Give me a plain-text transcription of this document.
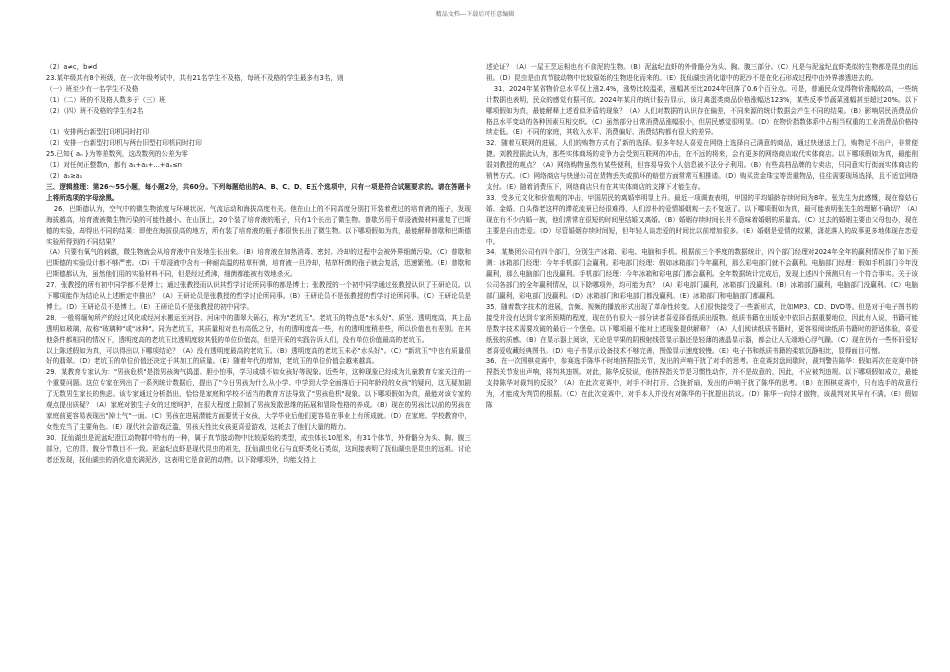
精品文档---下载后可任意编辑

（2）a≠c，b≠d

23.某年级共有8个班级，在一次年级考试中，共有21名学生不及格，每班不及格的学生最多有3名，则

（一）班至少有一名学生不及格

（1）（二）班的不及格人数多于（三）班

（2）（四）班不及格的学生有2名

（1）安排两台新型打印机同时打印

（2）安排一台新型打印机与两台旧型打印机同时打印

25.已知{ aₙ }为等差数列，这改数列的公差为零

（1）对任何正整数n，都有 a₁+a₂+…+aₙ≤n

（2）a₂≥a₁

三、逻辑推理：第26～55小题，每小题2分，共60分。下列每题给出的A、B、C、D、E五个选项中，只有一项是符合试题要求的。请在答题卡上将所选项的字母涂黑。

26．巴斯德认为，空气中的微生物浓度与环境状况、气流运动和海拔高度有关。他在山上的不同高度分别打开装着煮过的培育液的瓶子，发现海拔越高，培育液被微生物污染的可能性越小。在山顶上，20个装了培育液的瓶子，只有1个长出了微生物。普歇另用干草浸液做材料重复了巴斯德的实验，却得出不同的结果：即使在海拔很高的地方，所有装了培育液的瓶子都很快长出了微生物。以下哪项假如为真，最能解释普歇和巴斯德实验所得到的不同结果？

（A）只要有氧气的刺激，微生物就会从培育液中自发地生长出来。（B）培育液在加热消毒、密封、冷却的过程中会被外界细菌污染。（C）普歇和巴斯德的实验设计都不够严密。（D）干草浸液中含有一种耐高温的枯草杆菌，培育液一旦冷却，枯草杆菌的孢子就会复活，迅速繁殖。（E）普歇和巴斯德都认为，虽然他们用的实验材料不同，但是经过煮沸，细菌都能被有效地杀灭。

27．张教授的所有初中同学都不是博士；通过张教授而认识其哲学讨论所同事的都是博士；张教授的一个初中同学通过张教授认识了王研论员。以下哪项能作为结论从上述断定中推出？（A）王研论员是张教授的哲学讨论所同事。（B）王研论员不是张教授的哲学讨论所同事。（C）王研论员是博士。（D）王研论员不是博士。（E）王研论员不是张教授的初中同学。

28．一般将缅甸所产的经过风化或经河水搬运至河谷、河床中的翡翠大砾石，称为"老坑玉"。老坑玉的特点是"水头好"、质坚、透明度高，其上品透明如玻璃，故称"玻璃种"或"冰种"。同为老坑玉，其质量相对也有高低之分，有的透明度高一些，有的透明度稍差些，所以价值也有差别。在其他条件都相同的情况下，透明度高的老坑玉比透明度较其低的单位价值高，但是开采的实践告诉人们，没有单位价值最高的老坑玉。

以上陈述假如为真，可以得出以下哪项结论？（A）没有透明度最高的老坑玉。（B）透明度高的老坑玉未必"水头好"。（C）"新坑玉"中也有质量很好的翡翠。（D）老坑玉的单位价值还决定于其加工的质量。（E）随着年代的增加，老坑玉的单位价值会越来越高。

29．某教育专家认为："男孩危机"是指男孩淘气捣蛋、胆小怕事，学习成绩不如女孩好等现象。近些年，这种现象已经成为儿童教育专家关注的一个重要问题。这位专家在列出了一系列统计数据后，提出了"今日男孩为什么从小学、中学到大学全面落后于同年龄段的女孩"的疑问，这无疑加剧了无数男生家长的焦虑。该专家通过分析指出，恰恰是家庭和学校不适当的教育方法导致了"男孩危机"现象。以下哪项假如为真，最能对该专家的观点提出质疑？（A）家庭对独生子女的过度呵护，在很大程度上限制了男孩发散思维的拓展和冒险性格的养成。（B）现在的男孩比以前的男孩在家庭前更容易表现出"掉士气"一面。（C）男孩在进展潜能方面要优于女孩，大学毕业后他们更容易在事业上有所成就。（D）在家庭、学校教育中，女性充当了主要角色。（E）现代社会游戏泛滥，男孩天性比女孩更喜爱游戏，这耗去了他们大量的精力。

30．抚仙湖虫是泥盆纪澄江动物群中特有的一种，属于真节肢动物中比较原始的类型，成虫体长10厘米，有31个体节，外骨骼分为头、胸、腹三部分，它的背、腹分节数目不一致。泥盆纪直虾是现代昆虫的祖先，抚仙湖虫化石与直虾类化石类似，这间接表明了抚仙湖虫是昆虫的远祖。讨论者还发现，抚仙湖虫的消化道充满泥沙，这表明它是食泥的动物。以下除哪项外，均能支持上

述论证？（A）一屋王烹运相也有不食泥的生物。（B）泥盆纪直虾的外骨骼分为头、胸、腹三部分。（C）凡是与泥盆纪直虾类似的生物都是昆虫的远祖。（D）昆虫是由真节肢动物中比较原始的生物进化而来的。（E）抚仙湖虫消化道中的泥沙不是在化石形成过程中由外界渗透进去的。

31．2024年某省物价总水平仅上涨2.4%，涨势比较温柔，涨幅甚至比2024年回落了0.6个百分点。可是，普通民众觉得物价涨幅较高，一些统计数据也表明，民众的感觉有据可依。2024年某月的统计报告显示，该月禽蛋类商品价格涨幅达123%，某些反季节蔬菜涨幅甚至超过20%。以下哪项假如为真，最能解释上述看似矛盾的现象？（A）人们对数据的认识存在偏差，不同来源的统计数据会产生不同的结果。（B）影响居民消费品价格总水平变动的各种因素互相交织。（C）虽然部分日常消费品涨幅很小，但居民感觉很明显。（D）在物价指数体系中占相当权重的工业消费品价格持续走低。（E）不同的家庭，其收入水平、消费偏好、消费结构都有很大的差异。

32．随着互联网的进展，人们的购物方式有了新的选择。很多年轻人喜爱在网络上选择自己满意的商品，通过快递送上门，购物足不出户，非常便捷。刘教授据此认为，那些实体商场的竞争力会受到互联网的冲击，在不远的将来，会有更多的网络商店取代实体商店。以下哪项假如为真，最能削弱刘教授的观点？（A）网络购物虽然有某些便利，但容易导致个人信息被不法分子利用。（B）有些高档品牌的专卖店，只同意实行街面实体商店的销售方式。（C）网络商店与快递公司在货物丢失或损坏的赔偿方面常常互相推诿。（D）购买贵金珠宝等贵重物品，往往需要现场选择，且不适宜网络支付。（E）随着消费压下，网络商店只有在其实体商店的支撑下才能生存。

33．受多元文化和价值观的冲击，甲国居民的离婚率明显上升。最近一项调查表明，甲国的平均婚龄存续时间为8年。张先生为此感慨，现在像姑石婚、金婚、白头偕老这样的滞花流景已经很难得，人们淳朴的爱情婚姻观一去不复返了。以下哪项假如为真，最可能表明张先生的理解不确切？（A）现在有不少内婚一族，他们常常在很短的时间里结婚又离婚。（B）婚姻存续时间长并不意味着婚姻的质量高。（C）过去的婚姻主要由父母包办，现在主要是自由恋爱。（D）尽管婚姻存续时间短，但年轻人谈恋爱的时间比以前增加很多。（E）婚姻是爱情的纹累，潇花落人的故事更多地体现在恋爱中。

34．某集团公司有四个部门，分别生产冰箱、彩电、电脑和手机。根据前三个季度的数据统计，四个部门经理对2024年全年的赢利情况作了如下预测：冰箱部门经理：今年手机部门会赢利。彩电部门经理：假如冰箱部门今年赢利，那么彩电部门就不会赢利。电脑部门经理：假如手机部门今年没赢利，那么电脑部门也没赢利。手机部门经理：今年冰箱和彩电部门都会赢利。全年数据统计完成后，发现上述四个预测只有一个符合事实。关于该公司各部门的全年赢利情况，以下除哪项外，均可能为真？（A）彩电部门赢利，冰箱部门没赢利。（B）冰箱部门赢利，电脑部门没赢利。（C）电脑部门赢利，彩电部门没赢利。（D）冰箱部门和彩电部门都没赢利。（E）冰箱部门和电脑部门都赢利。

35．随着数字技术的进展，音频、视频的播放形式出现了革命性转变。人们很快接受了一些新形式，比如MP3、CD、DVD等。但是对于电子图书的接受并没有达到专家所预期的程度，现在仍有很大一部分读者喜爱择看纸质出版物。纸质书籍在出版业中依旧占据重要地位，因此有人说，书籍可能是数字技术需要攻破的最后一个堡垒。以下哪项最不能对上述现象提供解释？（A）人们阅读纸质书籍时，更容易阅读纸质书籍时的舒适体验，喜爱纸张的质感。（B）在显示器上阅读，无论是苹果的阴极射线管显示器还是轻薄的液晶显示器，都会让人无端地心浮气躁。（C）现在仍有一些怀旧爱好者喜爱收藏经典图书。（D）电子书显示设备技术不够完善，图像显示速度较慢。（E）电子书和纸质书籍的柔软沉静相比，显得面目可憎。

36．在一次围棋竞赛中，参赛选手陈华不时地挤捏指关节，发出的声响干扰了对手的思考。在竞赛封盘间歇时，裁判警告陈华：假如再次在竞赛中挤捏指关节发出声响，将判其违规。对此，陈华反驳说，他挤捏指关节是习惯性动作，并不是故意的，因此，不应被判违规。以下哪项假如成立，最能支持陈华对裁判的反驳？（A）在此次竞赛中，对手不时打开、合拢折扇，发出的声响干扰了陈华的思考。（B）在围棋竞赛中，只有选手的故意行为，才能成为判罚的根据。（C）在此次竞赛中，对手本人并没有对陈华的干扰提出抗议。（D）陈华一向恃才傲物，该裁判对其早有不满。（E）假如陈
